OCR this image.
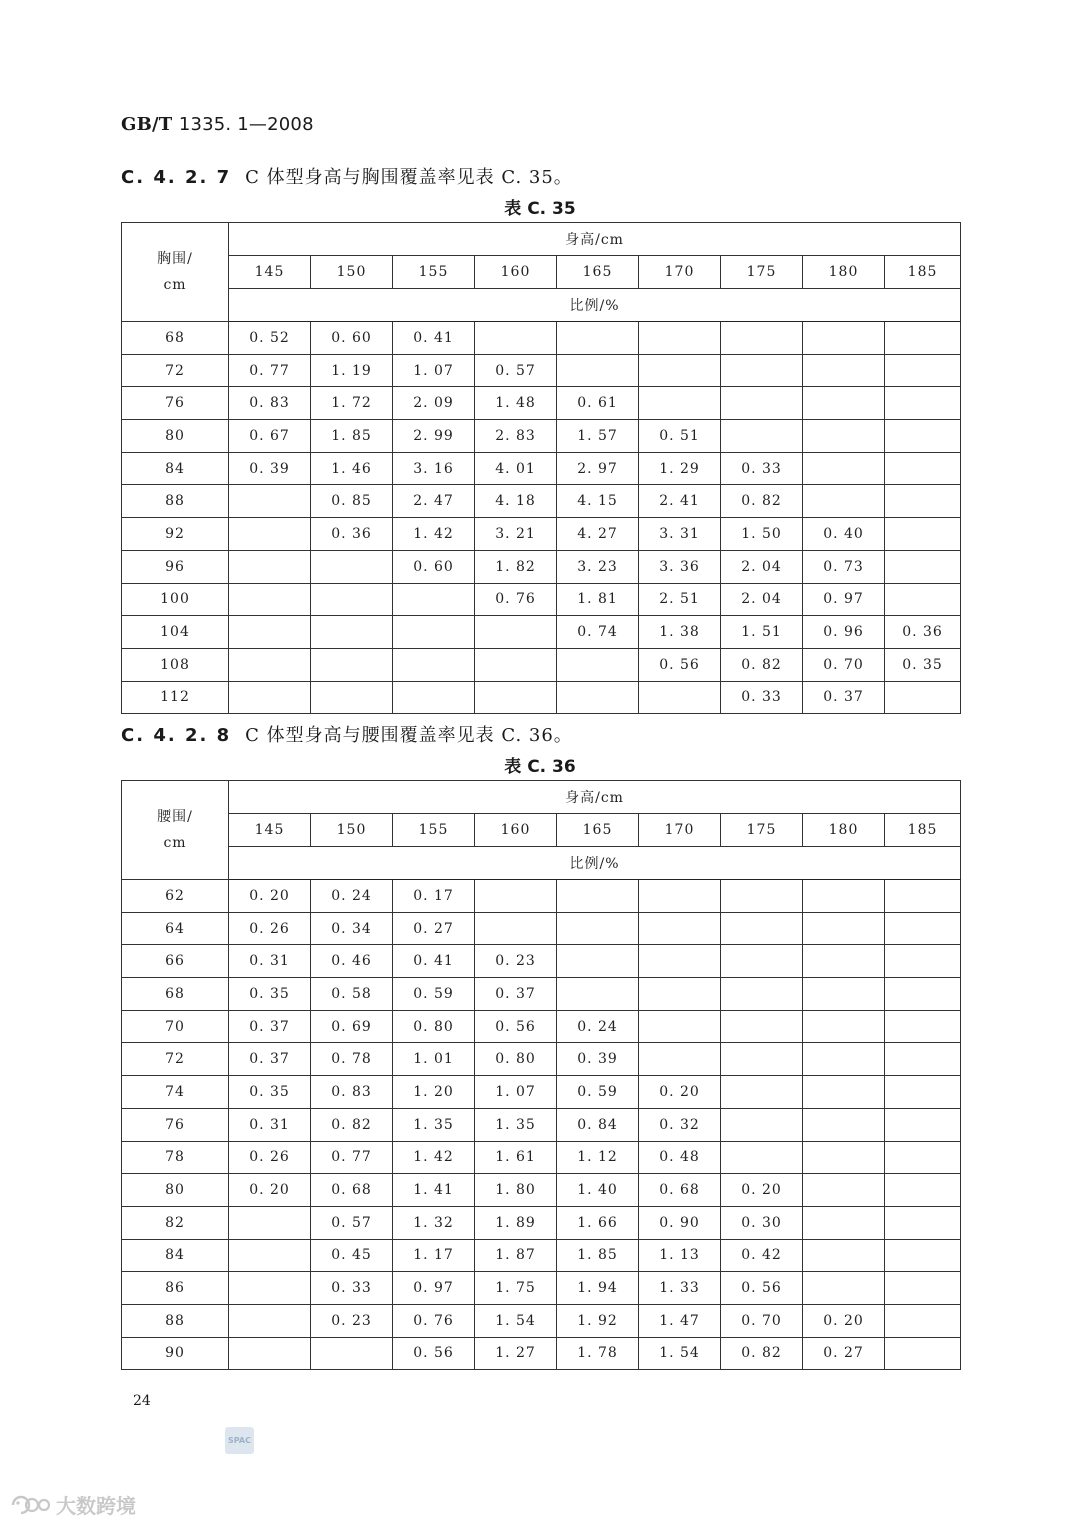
GB/T 1335. 1—2008
C. 4. 2. 7 C 体型身高与胸围覆盖率见表 C. 35。
表 C. 35
胸围/
cm	身高/cm								
	145	150	155	160	165	170	175	180	185
	比例/%								
68	0. 52	0. 60	0. 41						
72	0. 77	1. 19	1. 07	0. 57					
76	0. 83	1. 72	2. 09	1. 48	0. 61				
80	0. 67	1. 85	2. 99	2. 83	1. 57	0. 51			
84	0. 39	1. 46	3. 16	4. 01	2. 97	1. 29	0. 33		
88		0. 85	2. 47	4. 18	4. 15	2. 41	0. 82		
92		0. 36	1. 42	3. 21	4. 27	3. 31	1. 50	0. 40	
96			0. 60	1. 82	3. 23	3. 36	2. 04	0. 73	
100				0. 76	1. 81	2. 51	2. 04	0. 97	
104					0. 74	1. 38	1. 51	0. 96	0. 36
108						0. 56	0. 82	0. 70	0. 35
112							0. 33	0. 37	
C. 4. 2. 8 C 体型身高与腰围覆盖率见表 C. 36。
表 C. 36
腰围/
cm	身高/cm								
	145	150	155	160	165	170	175	180	185
	比例/%								
62	0. 20	0. 24	0. 17						
64	0. 26	0. 34	0. 27						
66	0. 31	0. 46	0. 41	0. 23					
68	0. 35	0. 58	0. 59	0. 37					
70	0. 37	0. 69	0. 80	0. 56	0. 24				
72	0. 37	0. 78	1. 01	0. 80	0. 39				
74	0. 35	0. 83	1. 20	1. 07	0. 59	0. 20			
76	0. 31	0. 82	1. 35	1. 35	0. 84	0. 32			
78	0. 26	0. 77	1. 42	1. 61	1. 12	0. 48			
80	0. 20	0. 68	1. 41	1. 80	1. 40	0. 68	0. 20		
82		0. 57	1. 32	1. 89	1. 66	0. 90	0. 30		
84		0. 45	1. 17	1. 87	1. 85	1. 13	0. 42		
86		0. 33	0. 97	1. 75	1. 94	1. 33	0. 56		
88		0. 23	0. 76	1. 54	1. 92	1. 47	0. 70	0. 20	
90			0. 56	1. 27	1. 78	1. 54	0. 82	0. 27	
24
SPAC
大数跨境
